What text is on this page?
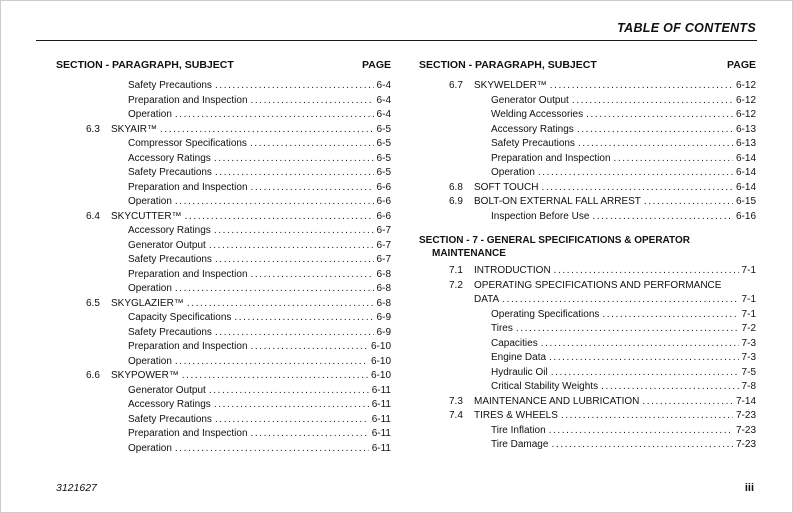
TABLE OF CONTENTS
SECTION - PARAGRAPH, SUBJECT	PAGE
Safety Precautions .....	6-4
Preparation and Inspection .....	6-4
Operation .....	6-4
6.3	SKYAIR™ .....	6-5
Compressor Specifications .....	6-5
Accessory Ratings .....	6-5
Safety Precautions .....	6-5
Preparation and Inspection .....	6-6
Operation .....	6-6
6.4	SKYCUTTER™ .....	6-6
Accessory Ratings .....	6-7
Generator Output .....	6-7
Safety Precautions .....	6-7
Preparation and Inspection .....	6-8
Operation .....	6-8
6.5	SKYGLAZIER™ .....	6-8
Capacity Specifications .....	6-9
Safety Precautions .....	6-9
Preparation and Inspection .....	6-10
Operation .....	6-10
6.6	SKYPOWER™ .....	6-10
Generator Output .....	6-11
Accessory Ratings .....	6-11
Safety Precautions .....	6-11
Preparation and Inspection .....	6-11
Operation .....	6-11
SECTION - PARAGRAPH, SUBJECT	PAGE
6.7	SKYWELDER™ .....	6-12
Generator Output .....	6-12
Welding Accessories .....	6-12
Accessory Ratings .....	6-13
Safety Precautions .....	6-13
Preparation and Inspection .....	6-14
Operation .....	6-14
6.8	SOFT TOUCH .....	6-14
6.9	BOLT-ON EXTERNAL FALL ARREST .....	6-15
Inspection Before Use .....	6-16
SECTION - 7 - GENERAL SPECIFICATIONS & OPERATOR
MAINTENANCE
7.1	INTRODUCTION .....	7-1
7.2	OPERATING SPECIFICATIONS AND PERFORMANCE
DATA .....	7-1
Operating Specifications .....	7-1
Tires .....	7-2
Capacities .....	7-3
Engine Data .....	7-3
Hydraulic Oil .....	7-5
Critical Stability Weights .....	7-8
7.3	MAINTENANCE AND LUBRICATION .....	7-14
7.4	TIRES & WHEELS .....	7-23
Tire Inflation .....	7-23
Tire Damage .....	7-23
3121627	iii
